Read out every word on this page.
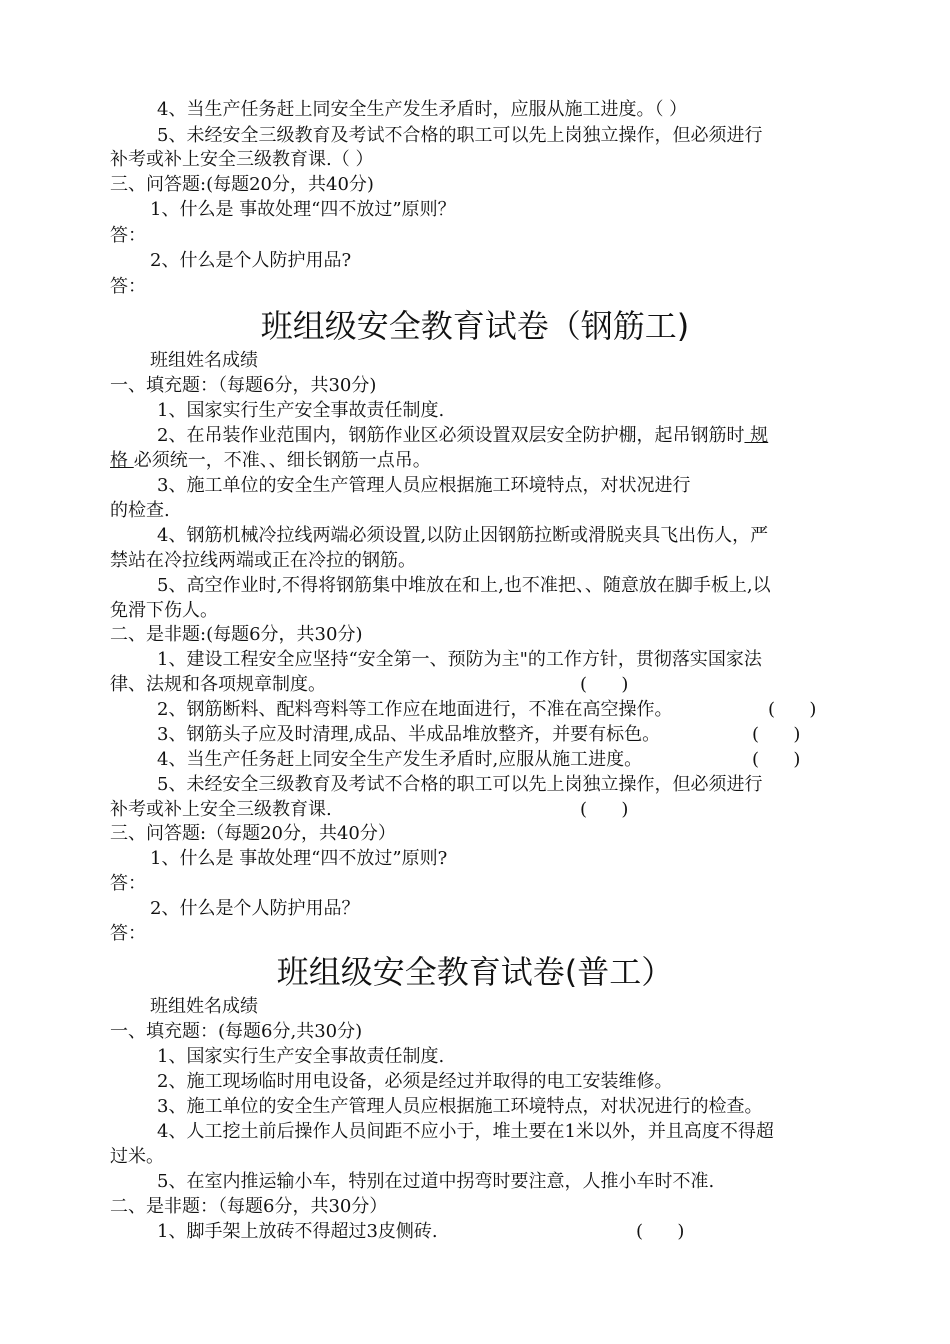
4、当生产任务赶上同安全生产发生矛盾时，应服从施工进度。（ ）

5、未经安全三级教育及考试不合格的职工可以先上岗独立操作，但必须进行

补考或补上安全三级教育课.（ ）

三、问答题:(每题20分，共40分)

1、什么是 事故处理“四不放过”原则？

答：

2、什么是个人防护用品?

答：

班组级安全教育试卷（钢筋工)

班组姓名成绩

一、填充题：（每题6分，共30分)

1、国家实行生产安全事故责任制度.

2、在吊装作业范围内，钢筋作业区必须设置双层安全防护棚，起吊钢筋时 规

格 必须统一，不准、、细长钢筋一点吊。

3、施工单位的安全生产管理人员应根据施工环境特点，对状况进行

的检查.

4、钢筋机械冷拉线两端必须设置,以防止因钢筋拉断或滑脱夹具飞出伤人，严

禁站在冷拉线两端或正在冷拉的钢筋。

5、高空作业时,不得将钢筋集中堆放在和上,也不准把、、随意放在脚手板上,以

免滑下伤人。

二、是非题:(每题6分，共30分)

1、建设工程安全应坚持“安全第一、预防为主"的工作方针，贯彻落实国家法

律、法规和各项规章制度。	(      )

2、钢筋断料、配料弯料等工作应在地面进行，不准在高空操作。	(      )

3、钢筋头子应及时清理,成品、半成品堆放整齐，并要有标色。	(      )

4、当生产任务赶上同安全生产发生矛盾时,应服从施工进度。	(      )

5、未经安全三级教育及考试不合格的职工可以先上岗独立操作，但必须进行

补考或补上安全三级教育课.	(      )

三、问答题:（每题20分，共40分）

1、什么是 事故处理“四不放过”原则?

答：

2、什么是个人防护用品？

答：

班组级安全教育试卷(普工）

班组姓名成绩

一、填充题：(每题6分,共30分)

1、国家实行生产安全事故责任制度.

2、施工现场临时用电设备，必须是经过并取得的电工安装维修。

3、施工单位的安全生产管理人员应根据施工环境特点，对状况进行的检查。

4、人工挖土前后操作人员间距不应小于，堆土要在1米以外，并且高度不得超

过米。

5、在室内推运输小车，特别在过道中拐弯时要注意，人推小车时不准.

二、是非题：（每题6分，共30分）

1、脚手架上放砖不得超过3皮侧砖.	(      )
